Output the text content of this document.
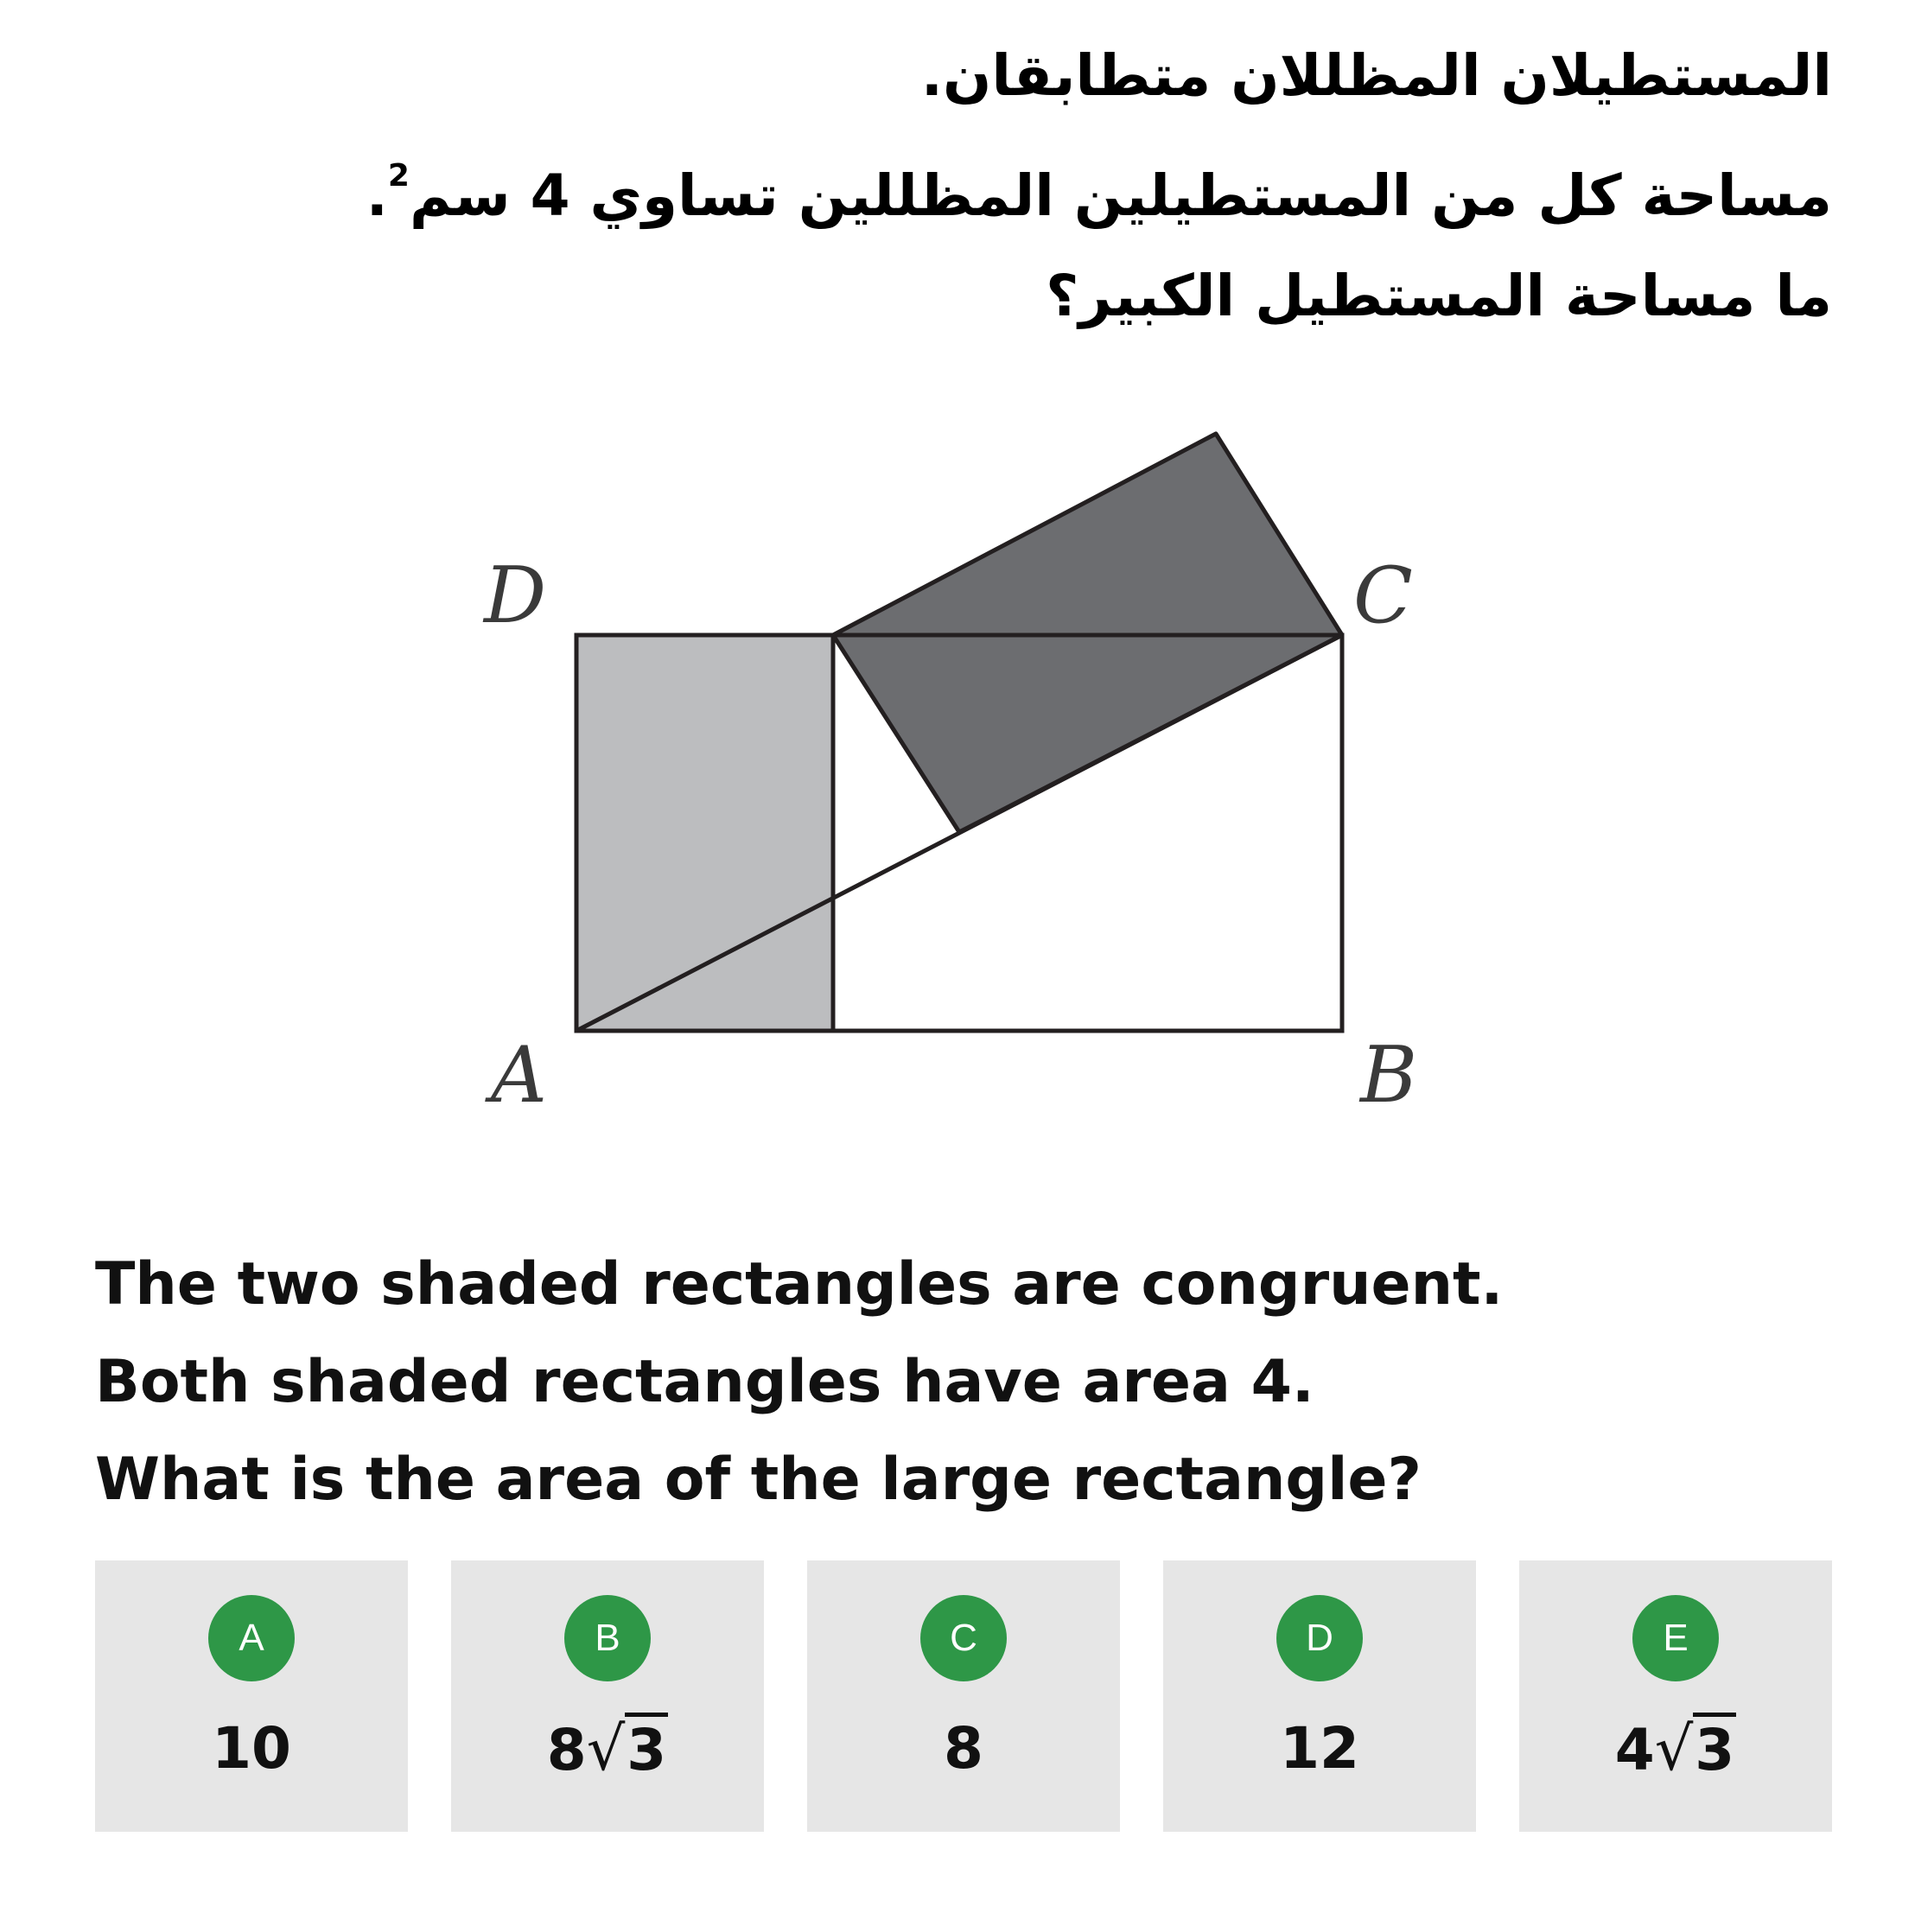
المستطيلان المظللان متطابقان.
مساحة كل من المستطيلين المظللين تساوي 4 سم$^2$.
ما مساحة المستطيل الكبير؟
D	C
A	B
The two shaded rectangles are congruent.
Both shaded rectangles have area 4.
What is the area of the large rectangle?
A
10
B
8√3
C
8
D
12
E
4√3
